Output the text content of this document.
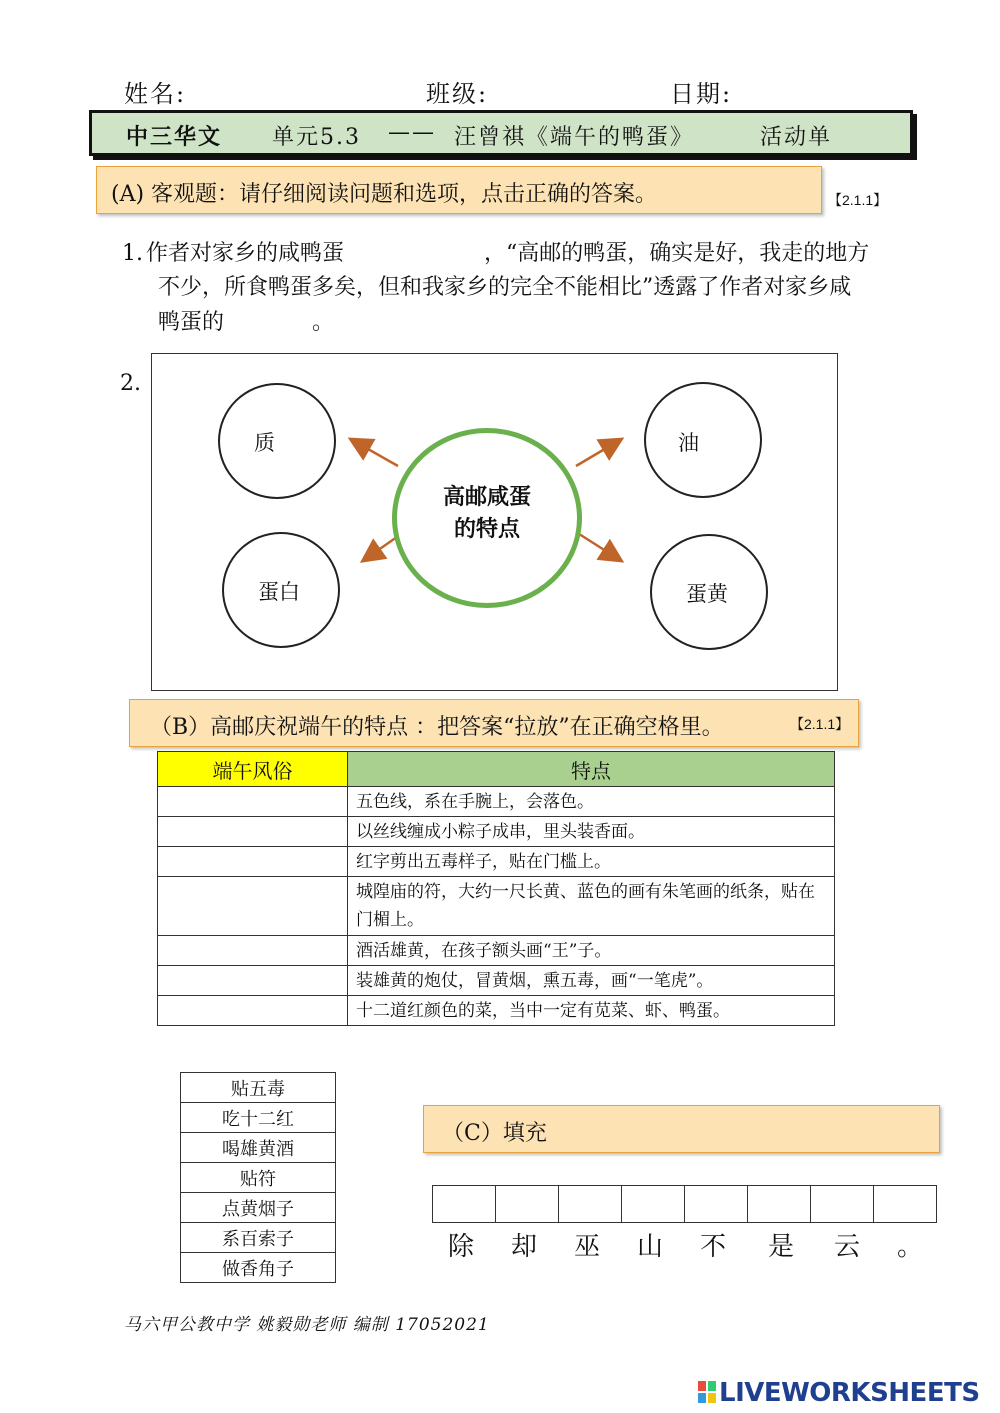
姓名:	班级:	日期:
中三华文 单元5.3 —— 汪曾祺《端午的鸭蛋》	活动单
(A) 客观题：请仔细阅读问题和选项，点击正确的答案。	【2.1.1】
1. 作者对家乡的咸鸭蛋	，“高邮的鸭蛋，确实是好，我走的地方
不少，所食鸭蛋多矣，但和我家乡的完全不能相比”透露了作者对家乡咸
鸭蛋的	。
2.
质	油
蛋白	蛋黄
高邮咸蛋
的特点
（B）高邮庆祝端午的特点 ：把答案“拉放”在正确空格里。	【2.1.1】
端午风俗	特点
	五色线，系在手腕上，会落色。
	以丝线缠成小粽子成串，里头装香面。
	红字剪出五毒样子，贴在门槛上。
	城隍庙的符，大约一尺长黄、蓝色的画有朱笔画的纸条，贴在门楣上。
	酒活雄黄，在孩子额头画“王”子。
	装雄黄的炮仗，冒黄烟，熏五毒，画“一笔虎”。
	十二道红颜色的菜，当中一定有苋菜、虾、鸭蛋。
贴五毒
吃十二红
喝雄黄酒
贴符
点黄烟子
系百索子
做香角子
（C）填充
除 却 巫 山 不 是 云 。
马六甲公教中学 姚毅勋老师 编制 17052021
LIVEWORKSHEETS
